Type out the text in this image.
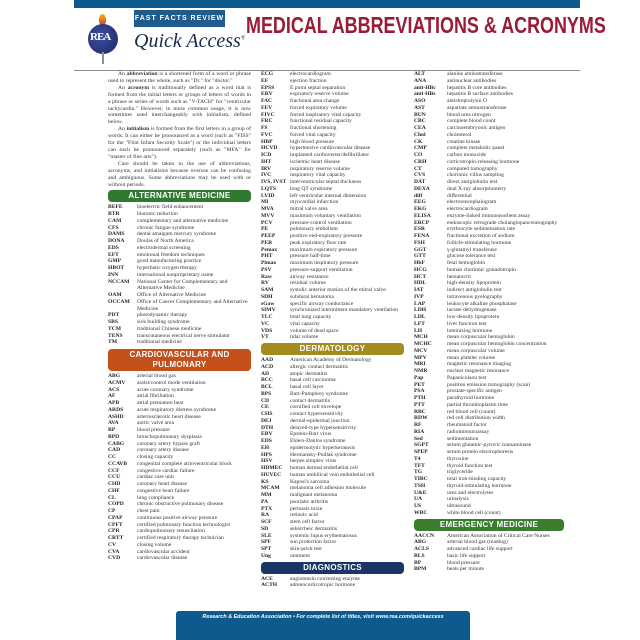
REA
FAST FACTS REVIEW
Quick Access®
MEDICAL ABBREVIATIONS & ACRONYMS

An abbreviation is a shortened form of a word or phrase used to represent the whole, such as "Dr." for "doctor."

An acronym is traditionally defined as a word that is formed from the initial letters or groups of letters of words in a phrase or series of words such as "V-TACH" for "ventricular tachycardia." However, in more common usage, it is now sometimes used interchangeably with initialism, defined below.

An initialism is formed from the first letters in a group of words. It can either be pronounced as a word (such as "FISS" for the "Flint Infant Security Scale") or the individual letters can each be pronounced separately (such as "MFA" for "master of fine arts").

Care should be taken in the use of abbreviations, acronyms, and initialisms because overuse can be confusing and ambiguous. Some abbreviations may be used with or without periods.

ALTERNATIVE MEDICINE
BEFE	bioelectric field enhancement
BTR	biotonic reduction
CAM	complementary and alternative medicine
CFS	chronic fatigue syndrome
DAMS	dental amalgam mercury syndrome
DONA	Doulas of North America
EDS	electrodermal screening
EFT	emotional freedom techniques
GMP	good manufacturing practice
HBOT	hyperbaric oxygen therapy
INN	international nonproprietary name
NCCAM	National Center for Complementary and Alternative Medicine
OAM	Office of Alternative Medicine
OCCAM	Office of Cancer Complementary and Alternative Medicine
PDT	photodynamic therapy
SBS	sick building syndrome
TCM	traditional Chinese medicine
TENS	transcutaneous electrical nerve stimulator
TM	traditional medicine
CARDIOVASCULAR AND PULMONARY
ABG	arterial blood gas
ACMV	assist/control mode ventilation
ACS	acute coronary syndrome
AF	atrial fibrillation
APB	atrial premature beat
ARDS	acute respiratory distress syndrome
ASHD	arteriosclerotic heart disease
AVA	aortic valve area
BP	blood pressure
BPD	bronchopulmonary dysplasia
CABG	coronary artery bypass graft
CAD	coronary artery disease
CC	closing capacity
CCAVB	congenital complete atrioventricular block
CCF	congestive cardiac failure
CCU	cardiac care unit
CHD	coronary heart disease
CHF	congestive heart failure
CL	lung compliance
COPD	chronic obstructive pulmonary disease
CP	chest pain
CPAP	continuous positive airway pressure
CPFT	certified pulmonary function technologist
CPR	cardiopulmonary resuscitation
CRTT	certified respiratory therapy technician
CV	closing volume
CVA	cardiovascular accident
CVD	cardiovascular disease
ECG	electrocardiogram
EF	ejection fraction
EPSS	E point septal separation
ERV	expiratory reserve volume
FAC	fractional area change
FEV	forced expiratory volume
FIVC	forced inspiratory vital capacity
FRC	functional residual capacity
FS	fractional shortening
FVC	forced vital capacity
HBP	high blood pressure
HCVD	hypertensive cardiovascular disease
ICD	implanted cardioverter/defibrillator
IHT	ischemic heart disease
IRV	inspiratory reserve volume
IVC	inspiratory vital capacity
IVS, IVST interventricular septal thickness
LQTS	long QT syndrome
LVID	left ventricular internal dimension
MI	myocardial infarction
MVA	mitral valve area
MVV	maximum voluntary ventilation
PCV	pressure-control ventilation
PE	pulmonary embolism
PEEP	positive end-expiratory pressure
PER	peak expiratory flow rate
Pemax	maximum expiratory pressure
PHT	pressure half-time
Pimax	maximum inspiratory pressure
PSV	pressure-support ventilation
Raw	airway resistance
RV	residual volume
SAM	systolic anterior motion of the mitral valve
SDH	subdural hematoma
sGaw	specific airway conductance
SIMV	synchronized intermittent mandatory ventilation
TLC	total lung capacity
VC	vital capacity
VDS	volume of dead space
VT	tidal volume
DERMATOLOGY
AAD	American Academy of Dermatology
ACD	allergic contact dermatitis
AD	atopic dermatitis
BCC	basal cell carcinoma
BCL	basal cell layer
BPS	Bart-Pumphrey syndrome
CD	contact dermatitis
CE	cornified cell envelope
CHS	contact hypersensitivity
DEJ	dermal-epidermal junction
DTH	delayed-type hypersensitivity
EBV	Epstein-Barr virus
EDS	Ehlers-Danlos syndrome
EH	epidermolytic hyperkeratosis
HPS	Hermansky-Pudlak syndrome
HSV	herpes simplex virus
HDMEC	human dermal endothelial cell
HUVEC	human umbilical vein endothelial cell
KS	Kaposi's sarcoma
MCAM	melanoma cell adhesion molecule
MM	malignant melanoma
PA	psoriatic arthritis
PTX	pertussis toxin
RA	retinoic acid
SCF	stem cell factor
SD	seborrheic dermatitis
SLE	systemic lupus erythematosus
SPF	sun protection factor
SPT	skin-prick test
Ung	ointment
DIAGNOSTICS
ACE	angiotensin converting enzyme
ACTH	adrenocorticotropic hormone
ALT	alanine aminotransferase
ANA	antinuclear antibodies
anti-HBc	hepatitis B core antibodies
anti-HBs	hepatitis B surface antibodies
ASO	antistreptolysin O
AST	aspartate aminotransferase
BUN	blood urea nitrogen
CBC	complete blood count
CEA	carcinoembryonic antigen
Chol	cholesterol
CK	creatine kinase
CMP	complete metabolic panel
CO	carbon monoxide
CRH	corticotropin-releasing hormone
CT	computed tomography
CVS	chorionic villus sampling
DAT	direct antiglobulin test
DEXA	dual X-ray absorptiometry
diff	differential
EEG	electroencephalogram
EKG	electrocardiogram
ELISA	enzyme-linked immunosorbent assay
ERCP	endoscopic retrograde cholangiopancreatography
ESR	erythrocyte sedimentation rate
FENA	fractional excretion of sodium
FSH	follicle-stimulating hormone
GGT	γ-glutamyl transferase
GTT	glucose tolerance test
HbF	fetal hemoglobin
HCG	human chorionic gonadotropin
HCT	hematocrit
HDL	high-density lipoprotein
IAT	indirect antiglobulin test
IVP	intravenous pyelography
LAP	leukocyte alkaline phosphatase
LDH	lactate dehydrogenase
LDL	low-density lipoprotein
LFT	liver function test
LH	luteinizing hormone
MCH	mean corpuscular hemoglobin
MCHC	mean corpuscular hemoglobin concentration
MCV	mean corpuscular volume
MPV	mean platelet volume
MRI	magnetic resonance imaging
NMR	nuclear magnetic resonance
Pap	Papanicolaou test
PET	positron emission tomography (scan)
PSA	prostate-specific antigen
PTH	parathyroid hormone
PTT	partial thromboplastin time
RBC	red blood cell (count)
RDW	red cell distribution width
RF	rheumatoid factor
RIA	radioimmunoassay
Sed	sedimentation
SGPT	serum glutamic-pyruvic transaminase
SPEP	serum protein electrophoresis
T4	thyroxine
TFT	thyroid function test
TG	triglyceride
TIBC	total iron-binding capacity
TSH	thyroid-stimulating hormone
U&E	urea and electrolytes
UA	urinalysis
US	ultrasound
WBC	white blood cell (count)
EMERGENCY MEDICINE
AACCN	American Association of Critical Care Nurses
ABG	arterial blood gas (reading)
ACLS	advanced cardiac life support
BLS	basic life support
BP	blood pressure
BPM	beats per minute
Research & Education Association • For complete list of titles, visit www.rea.com/quickaccess
